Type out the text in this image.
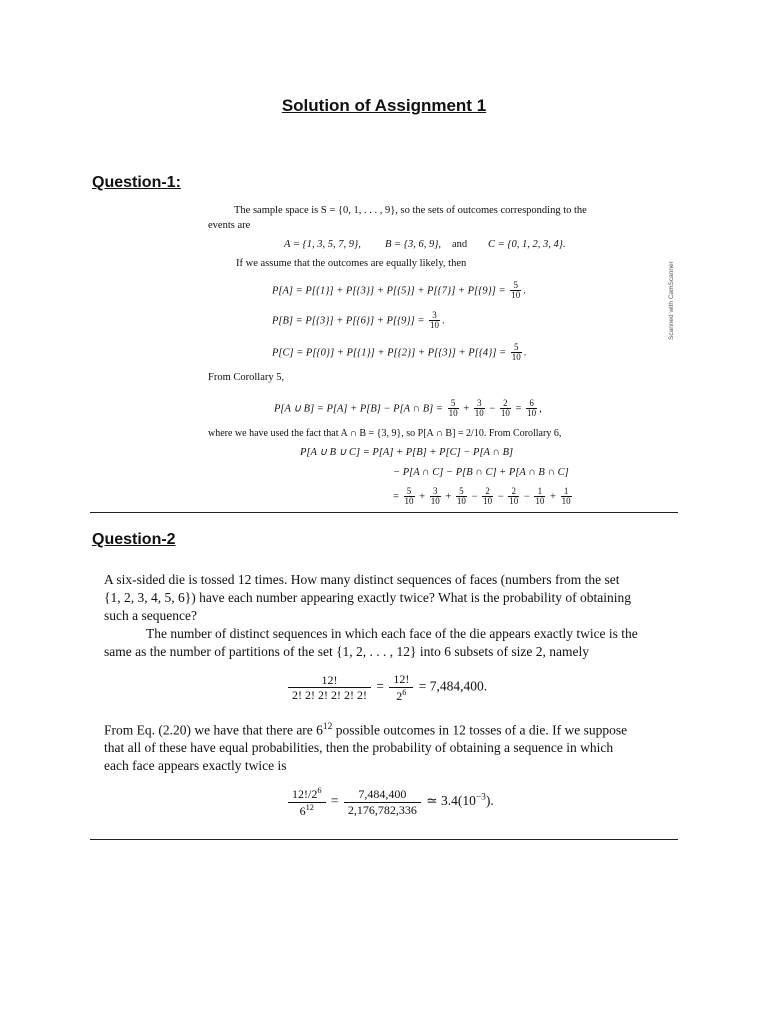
Solution of Assignment 1
Question-1:
The sample space is S = {0, 1, . . . , 9}, so the sets of outcomes corresponding to the
events are
A = {1, 3, 5, 7, 9}, B = {3, 6, 9}, and C = {0, 1, 2, 3, 4}.
If we assume that the outcomes are equally likely, then
$P[A] = P[\{1\}] + P[\{3\}] + P[\{5\}] + P[\{7\}] + P[\{9\}] = \frac{5}{10}$ .
$P[B] = P[\{3\}] + P[\{6\}] + P[\{9\}] = \frac{3}{10}$ .
$P[C] = P[\{0\}] + P[\{1\}] + P[\{2\}] + P[\{3\}] + P[\{4\}] = \frac{5}{10}$ .
From Corollary 5,
P[A ∪ B] = P[A] + P[B] − P[A ∩ $B] = \frac{5}{10} + \frac{3}{10} - \frac{2}{10} = \frac{6}{10}$ ,
where we have used the fact that A ∩ B = {3, 9}, so P[A ∩ B] = 2/10. From Corollary 6,
P[A ∪ B ∪ C] = P[A] + P[B] + P[C] − P[A ∩ B]
− P[A ∩ C] − P[B ∩ C] + P[A ∩ B ∩ C]
= $\frac{5}{10} + \frac{3}{10} + \frac{5}{10} - \frac{2}{10} - \frac{2}{10} - \frac{1}{10} + \frac{1}{10}$
Scanned with CamScanner
Question-2
A six-sided die is tossed 12 times. How many distinct sequences of faces (numbers from the set
{1, 2, 3, 4, 5, 6}) have each number appearing exactly twice? What is the probability of obtaining
such a sequence?
The number of distinct sequences in which each face of the die appears exactly twice is the
same as the number of partitions of the set {1, 2, . . . , 12} into 6 subsets of size 2, namely
$\frac{12!}{2! 2! 2! 2! 2! 2!} = \frac{12!}{2^6} = 7,484,400$.
From Eq. (2.20) we have that there are $6^{12}$ possible outcomes in 12 tosses of a die. If we suppose
that all of these have equal probabilities, then the probability of obtaining a sequence in which
each face appears exactly twice is
$\frac{12!/2^6}{6^{12}} = \frac{7,484,400}{2,176,782,336}$ ≃ $3.4(10^{-3})$.
